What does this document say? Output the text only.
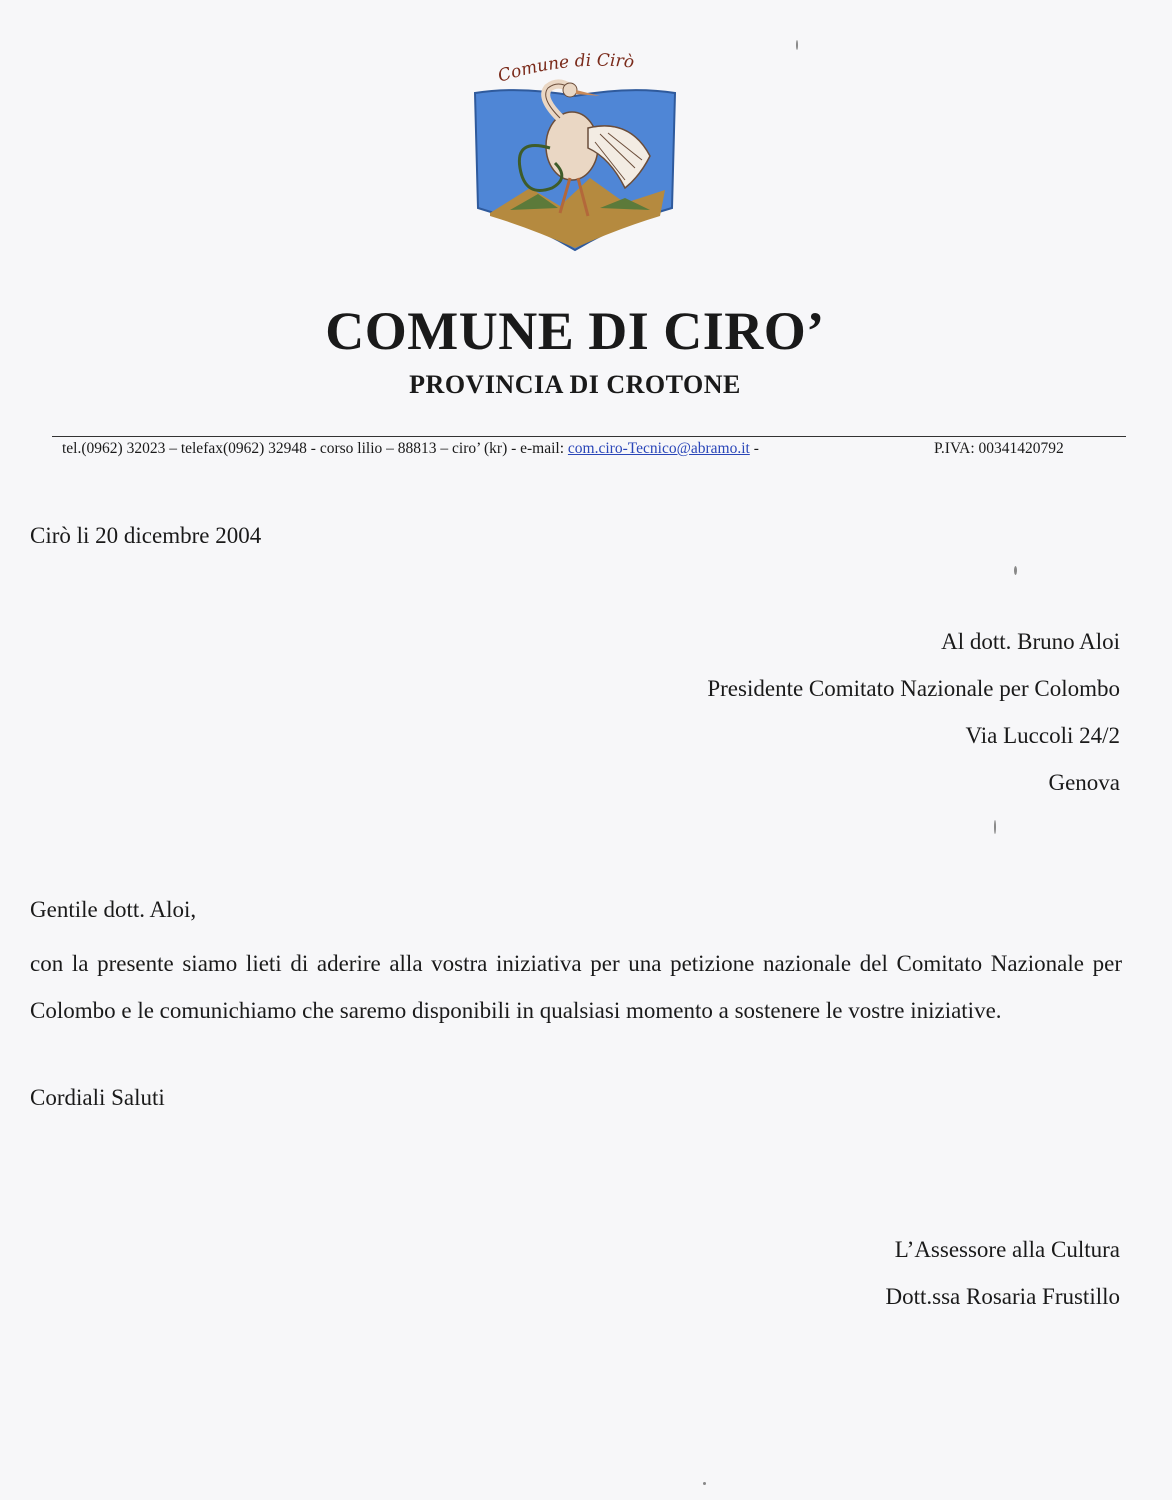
Comune di Cirò
COMUNE DI CIRO’
PROVINCIA DI CROTONE
tel.(0962) 32023 – telefax(0962) 32948 - corso lilio – 88813 – ciro’ (kr) - e-mail: com.ciro-Tecnico@abramo.it -	P.IVA: 00341420792
Cirò li 20 dicembre 2004
Al dott. Bruno Aloi
Presidente Comitato Nazionale per Colombo
Via Luccoli 24/2
Genova
Gentile dott. Aloi,
con la presente siamo lieti di aderire alla vostra iniziativa per una petizione nazionale del Comitato Nazionale per Colombo e le comunichiamo che saremo disponibili in qualsiasi momento a sostenere le vostre iniziative.
Cordiali Saluti
L’Assessore alla Cultura
Dott.ssa Rosaria Frustillo
